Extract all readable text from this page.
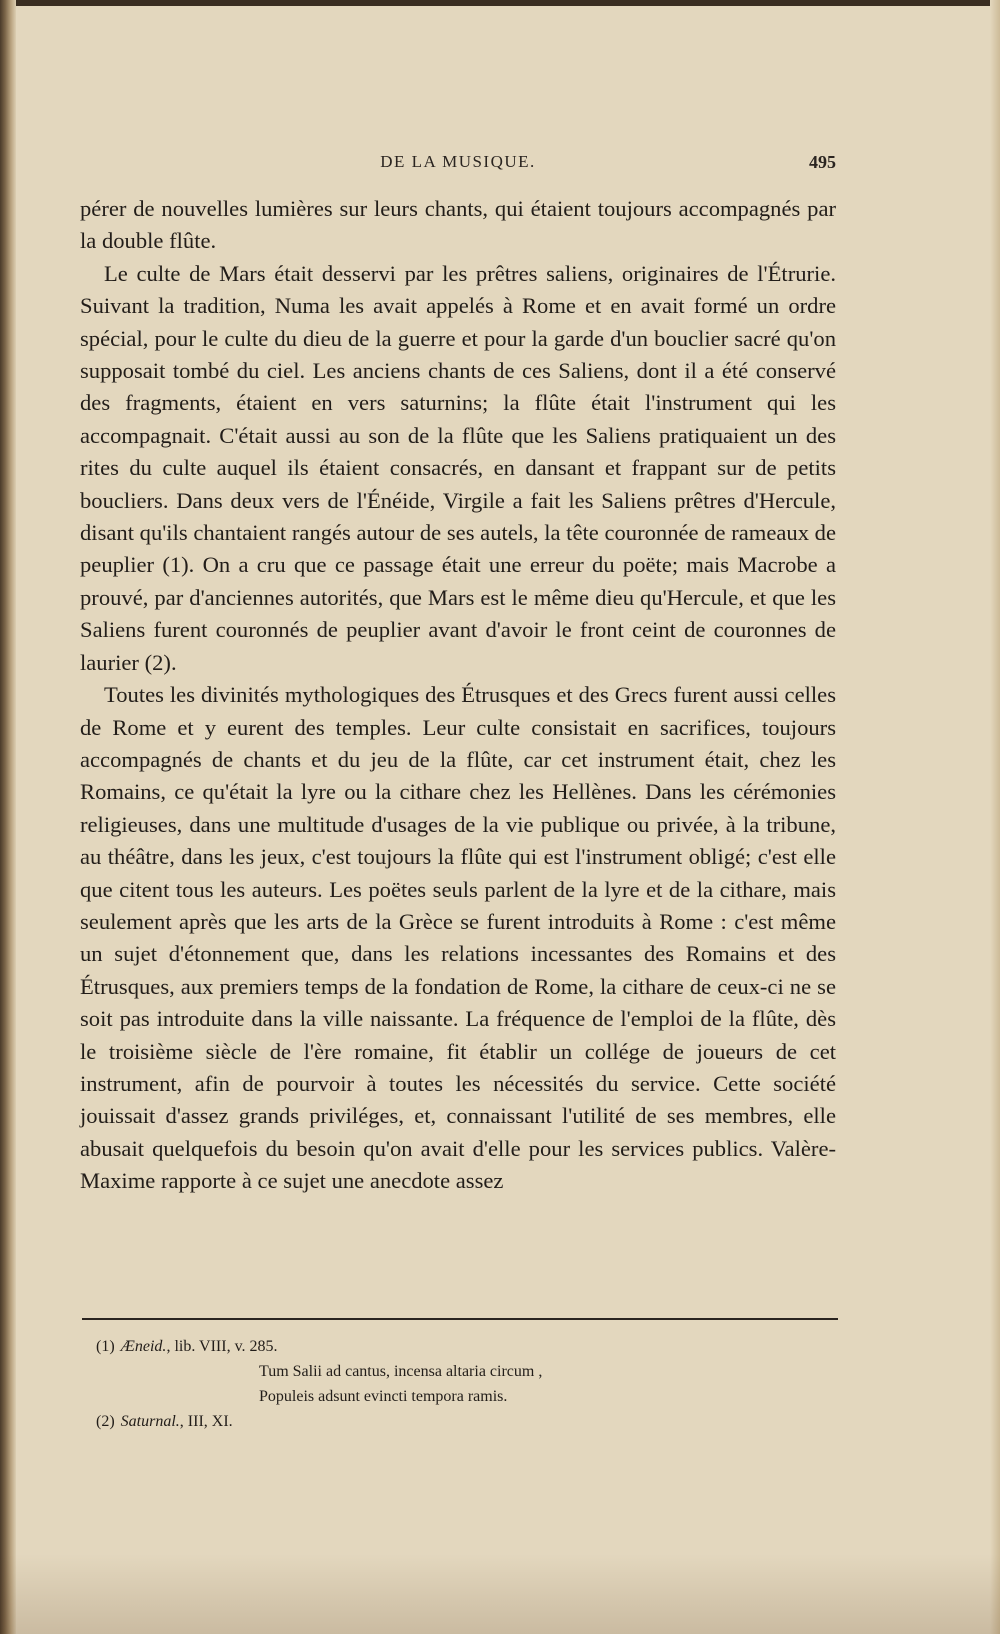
DE LA MUSIQUE.	495

pérer de nouvelles lumières sur leurs chants, qui étaient toujours accompagnés par la double flûte.

Le culte de Mars était desservi par les prêtres saliens, originaires de l'Étrurie. Suivant la tradition, Numa les avait appelés à Rome et en avait formé un ordre spécial, pour le culte du dieu de la guerre et pour la garde d'un bouclier sacré qu'on supposait tombé du ciel. Les anciens chants de ces Saliens, dont il a été conservé des fragments, étaient en vers saturnins; la flûte était l'instrument qui les accompagnait. C'était aussi au son de la flûte que les Saliens pratiquaient un des rites du culte auquel ils étaient consacrés, en dansant et frappant sur de petits boucliers. Dans deux vers de l'Énéide, Virgile a fait les Saliens prêtres d'Hercule, disant qu'ils chantaient rangés autour de ses autels, la tête couronnée de rameaux de peuplier (1). On a cru que ce passage était une erreur du poëte; mais Macrobe a prouvé, par d'anciennes autorités, que Mars est le même dieu qu'Hercule, et que les Saliens furent couronnés de peuplier avant d'avoir le front ceint de couronnes de laurier (2).

Toutes les divinités mythologiques des Étrusques et des Grecs furent aussi celles de Rome et y eurent des temples. Leur culte consistait en sacrifices, toujours accompagnés de chants et du jeu de la flûte, car cet instrument était, chez les Romains, ce qu'était la lyre ou la cithare chez les Hellènes. Dans les cérémonies religieuses, dans une multitude d'usages de la vie publique ou privée, à la tribune, au théâtre, dans les jeux, c'est toujours la flûte qui est l'instrument obligé; c'est elle que citent tous les auteurs. Les poëtes seuls parlent de la lyre et de la cithare, mais seulement après que les arts de la Grèce se furent introduits à Rome : c'est même un sujet d'étonnement que, dans les relations incessantes des Romains et des Étrusques, aux premiers temps de la fondation de Rome, la cithare de ceux-ci ne se soit pas introduite dans la ville naissante. La fréquence de l'emploi de la flûte, dès le troisième siècle de l'ère romaine, fit établir un collége de joueurs de cet instrument, afin de pourvoir à toutes les nécessités du service. Cette société jouissait d'assez grands priviléges, et, connaissant l'utilité de ses membres, elle abusait quelquefois du besoin qu'on avait d'elle pour les services publics. Valère-Maxime rapporte à ce sujet une anecdote assez

(1) Æneid., lib. VIII, v. 285.
Tum Salii ad cantus, incensa altaria circum ,
Populeis adsunt evincti tempora ramis.
(2) Saturnal., III, XI.
